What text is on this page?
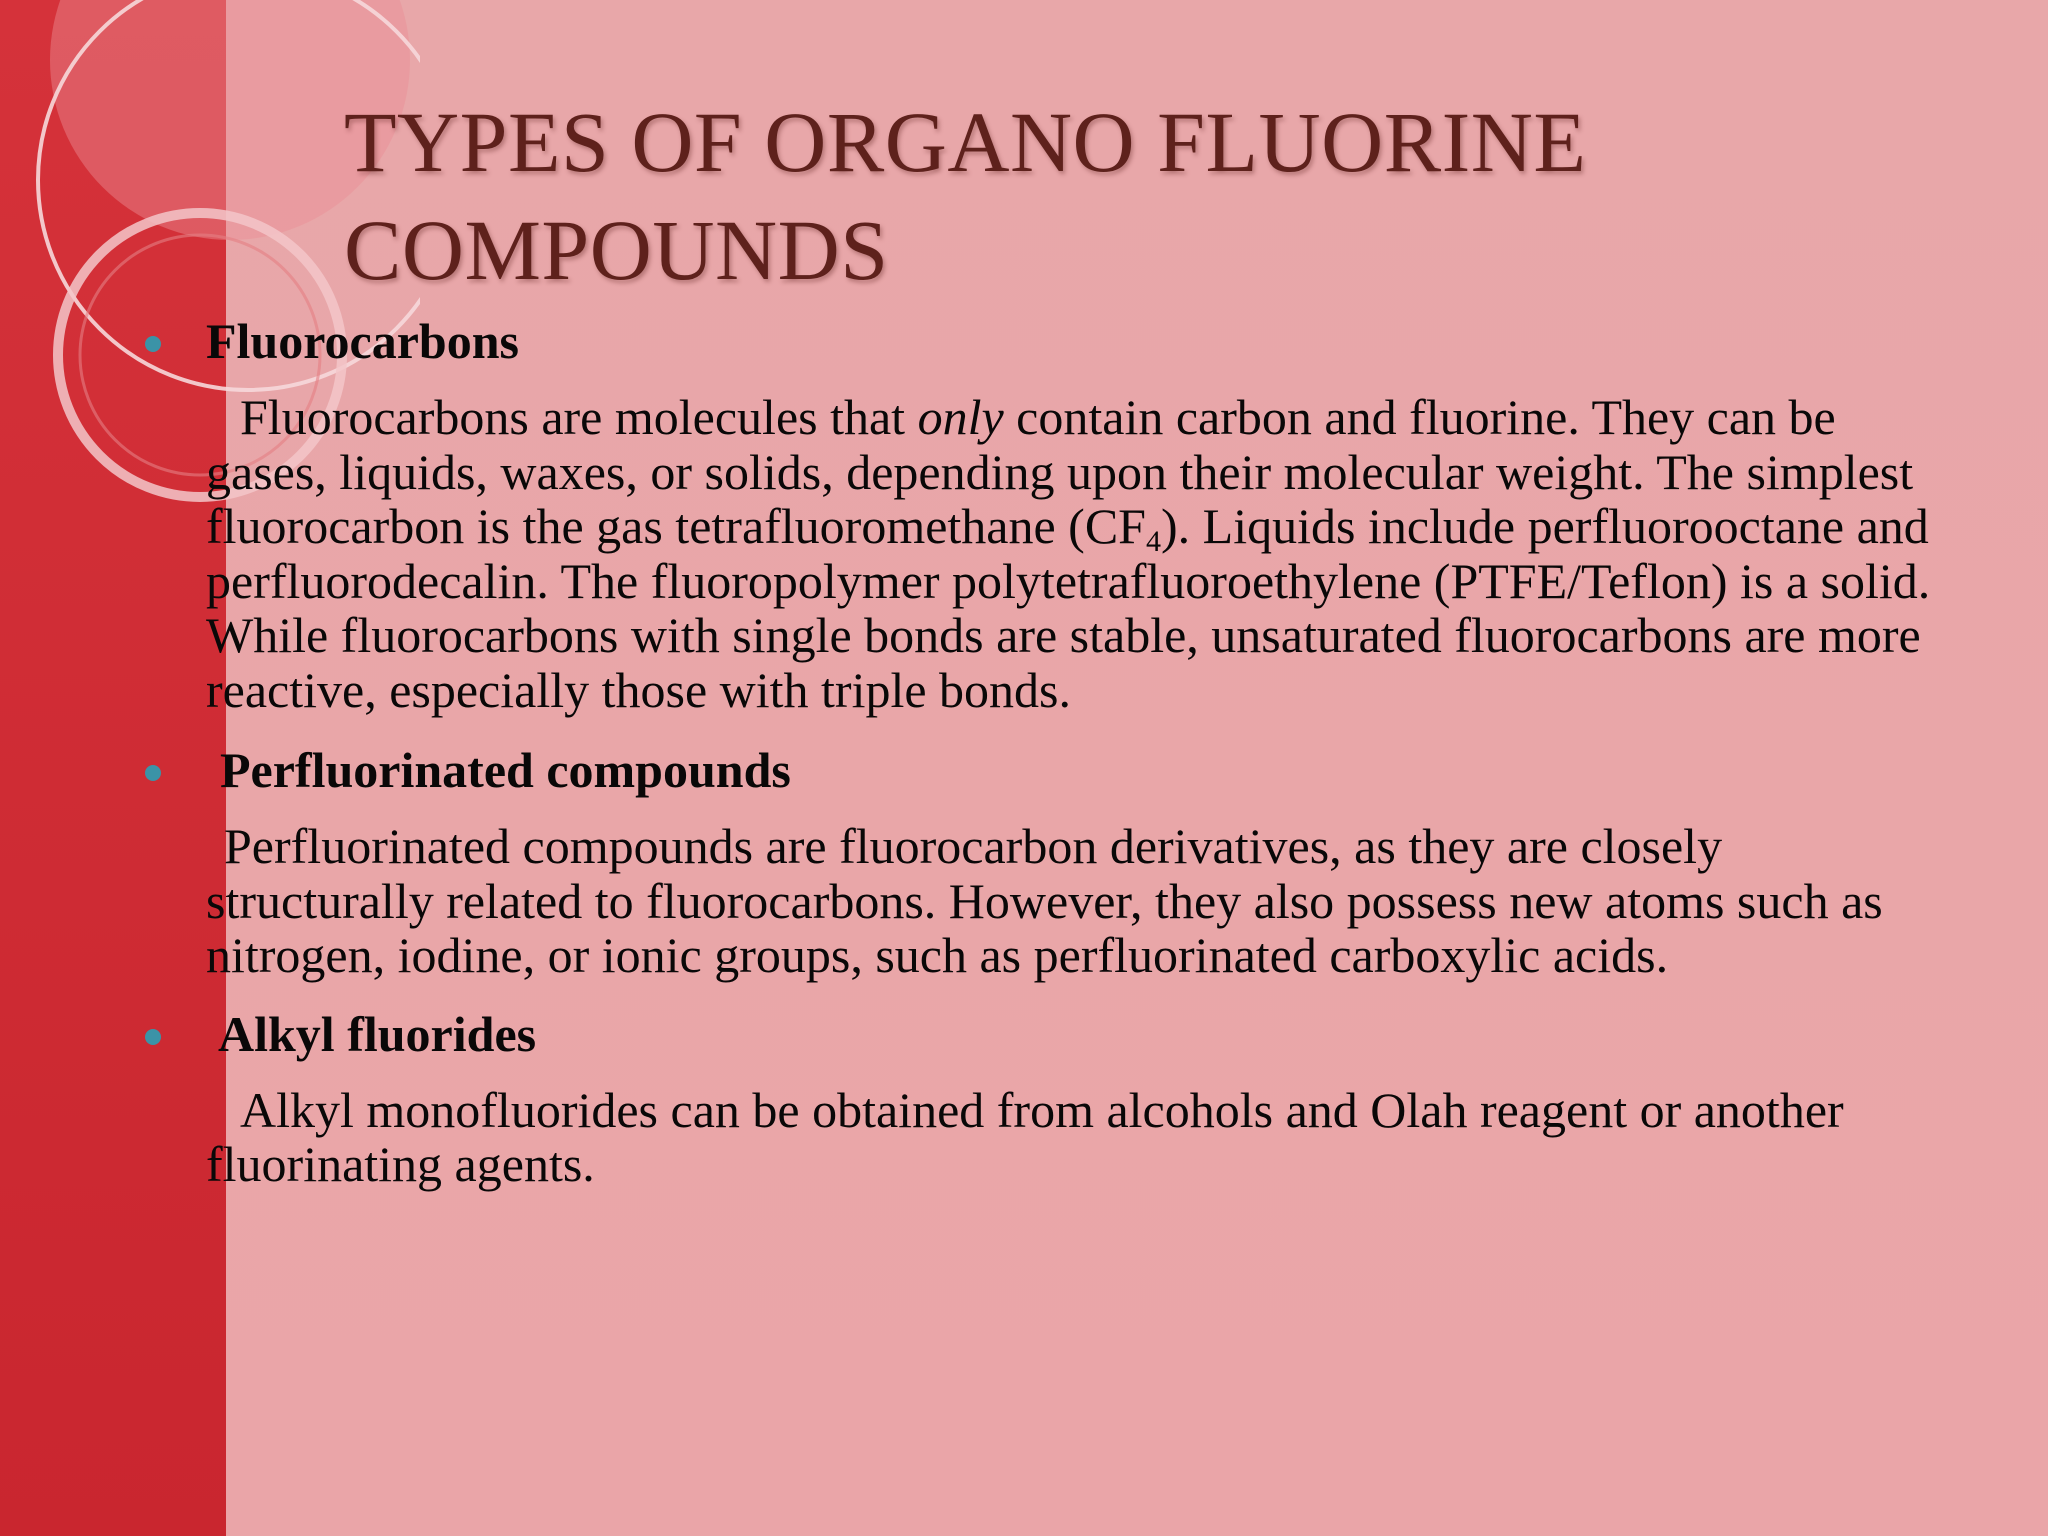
TYPES OF ORGANO FLUORINE
COMPOUNDS

Fluorocarbons

Fluorocarbons are molecules that only contain carbon and fluorine. They can be gases, liquids, waxes, or solids, depending upon their molecular weight. The simplest fluorocarbon is the gas tetrafluoromethane $(CF_4)$. Liquids include perfluorooctane and perfluorodecalin. The fluoropolymer polytetrafluoroethylene (PTFE/Teflon) is a solid. While fluorocarbons with single bonds are stable, unsaturated fluorocarbons are more reactive, especially those with triple bonds.

Perfluorinated compounds

Perfluorinated compounds are fluorocarbon derivatives, as they are closely structurally related to fluorocarbons. However, they also possess new atoms such as nitrogen, iodine, or ionic groups, such as perfluorinated carboxylic acids.

Alkyl fluorides

Alkyl monofluorides can be obtained from alcohols and Olah reagent or another fluorinating agents.
